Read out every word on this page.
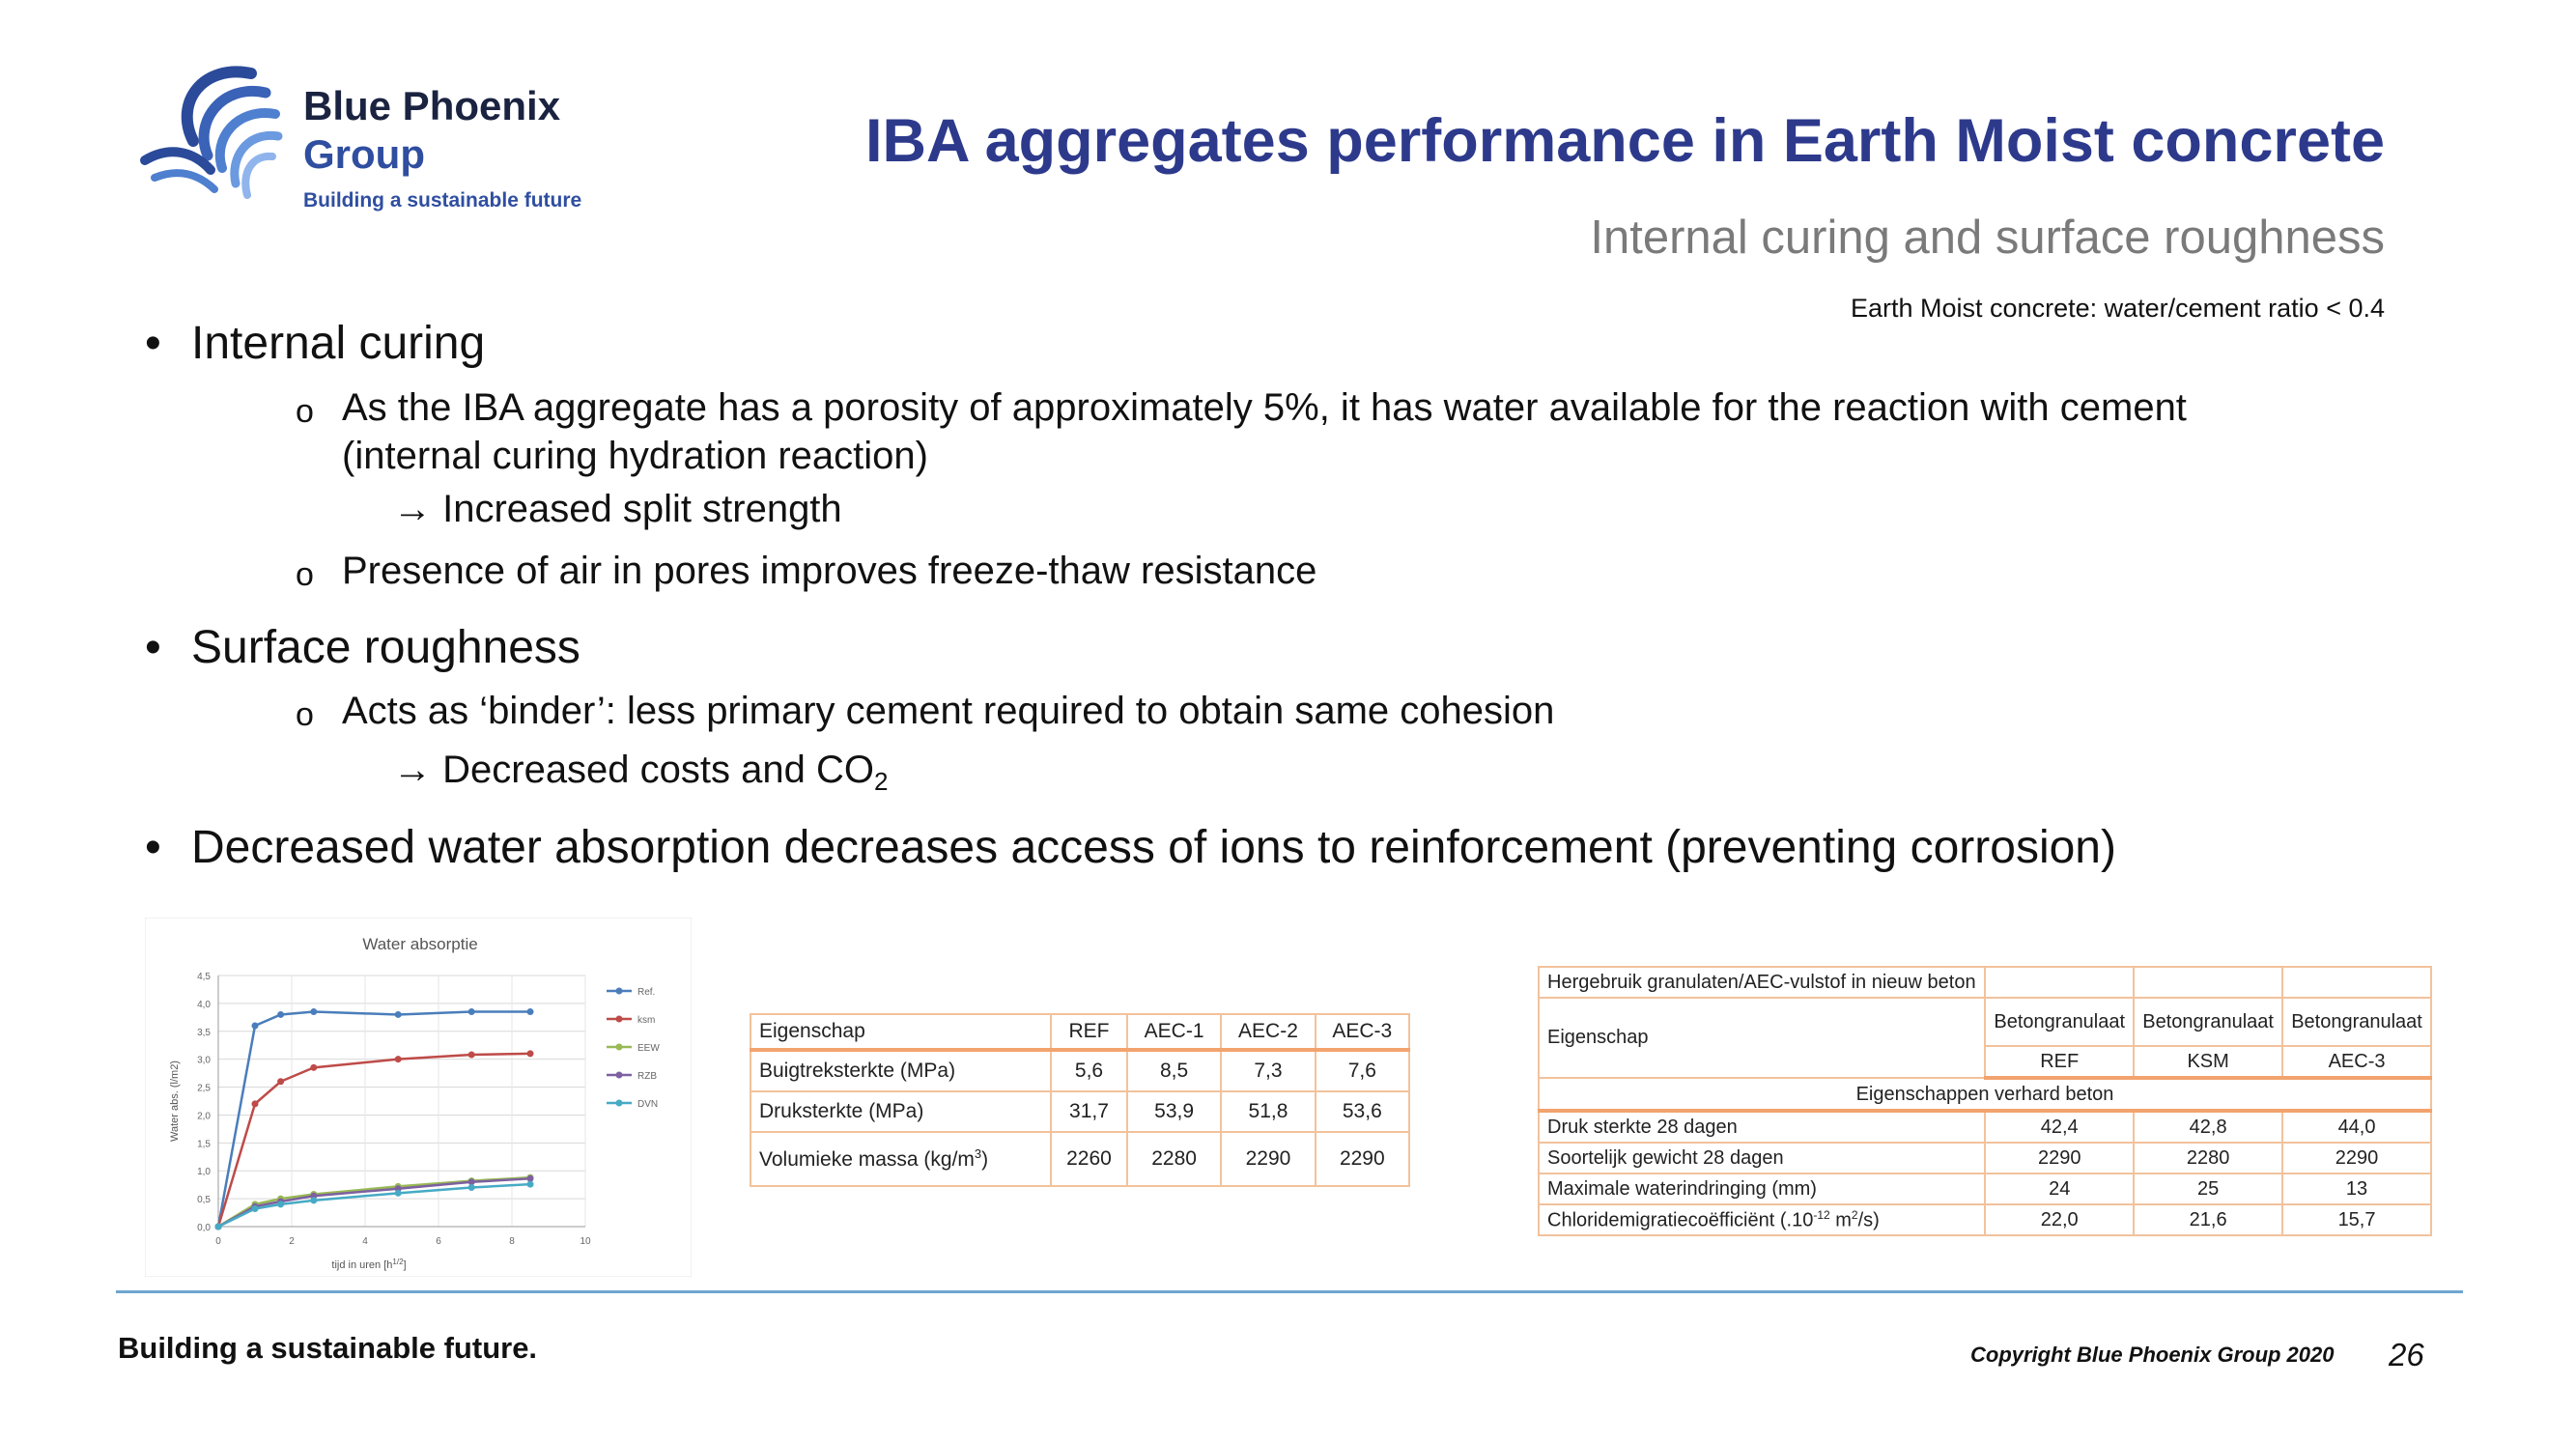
Blue Phoenix
Group
Building a sustainable future
IBA aggregates performance in Earth Moist concrete
Internal curing and surface roughness
Earth Moist concrete: water/cement ratio < 0.4
• Internal curing
o As the IBA aggregate has a porosity of approximately 5%, it has water available for the reaction with cement (internal curing hydration reaction)
→ Increased split strength
o Presence of air in pores improves freeze-thaw resistance
• Surface roughness
o Acts as ‘binder’: less primary cement required to obtain same cohesion
→ Decreased costs and $CO_2$
• Decreased water absorption decreases access of ions to reinforcement (preventing corrosion)
Water absorptie
0,0
0,5
1,0
1,5
2,0
2,5
3,0
3,5
4,0
4,5
0	2	4	6	8	10
Ref.
ksm
EEW
RZB
DVN
tijd in uren $[h^{1/2}]$
Water abs. (l/m2)
Eigenschap	REF	AEC-1	AEC-2	AEC-3
Buigtreksterkte (MPa)	5,6	8,5	7,3	7,6
Druksterkte (MPa)	31,7	53,9	51,8	53,6
Volumieke massa $(kg/m^3)$	2260	2280	2290	2290
Hergebruik granulaten/AEC-vulstof in nieuw beton			
Eigenschap	Betongranulaat	Betongranulaat	Betongranulaat
	REF	KSM	AEC-3
Eigenschappen verhard beton			
Druk sterkte 28 dagen	42,4	42,8	44,0
Soortelijk gewicht 28 dagen	2290	2280	2290
Maximale waterindringing (mm)	24	25	13
Chloridemigratiecoëfficiënt ($.10^{-12}$ $m^2/s$)	22,0	21,6	15,7
Building a sustainable future.	Copyright Blue Phoenix Group 2020 26
